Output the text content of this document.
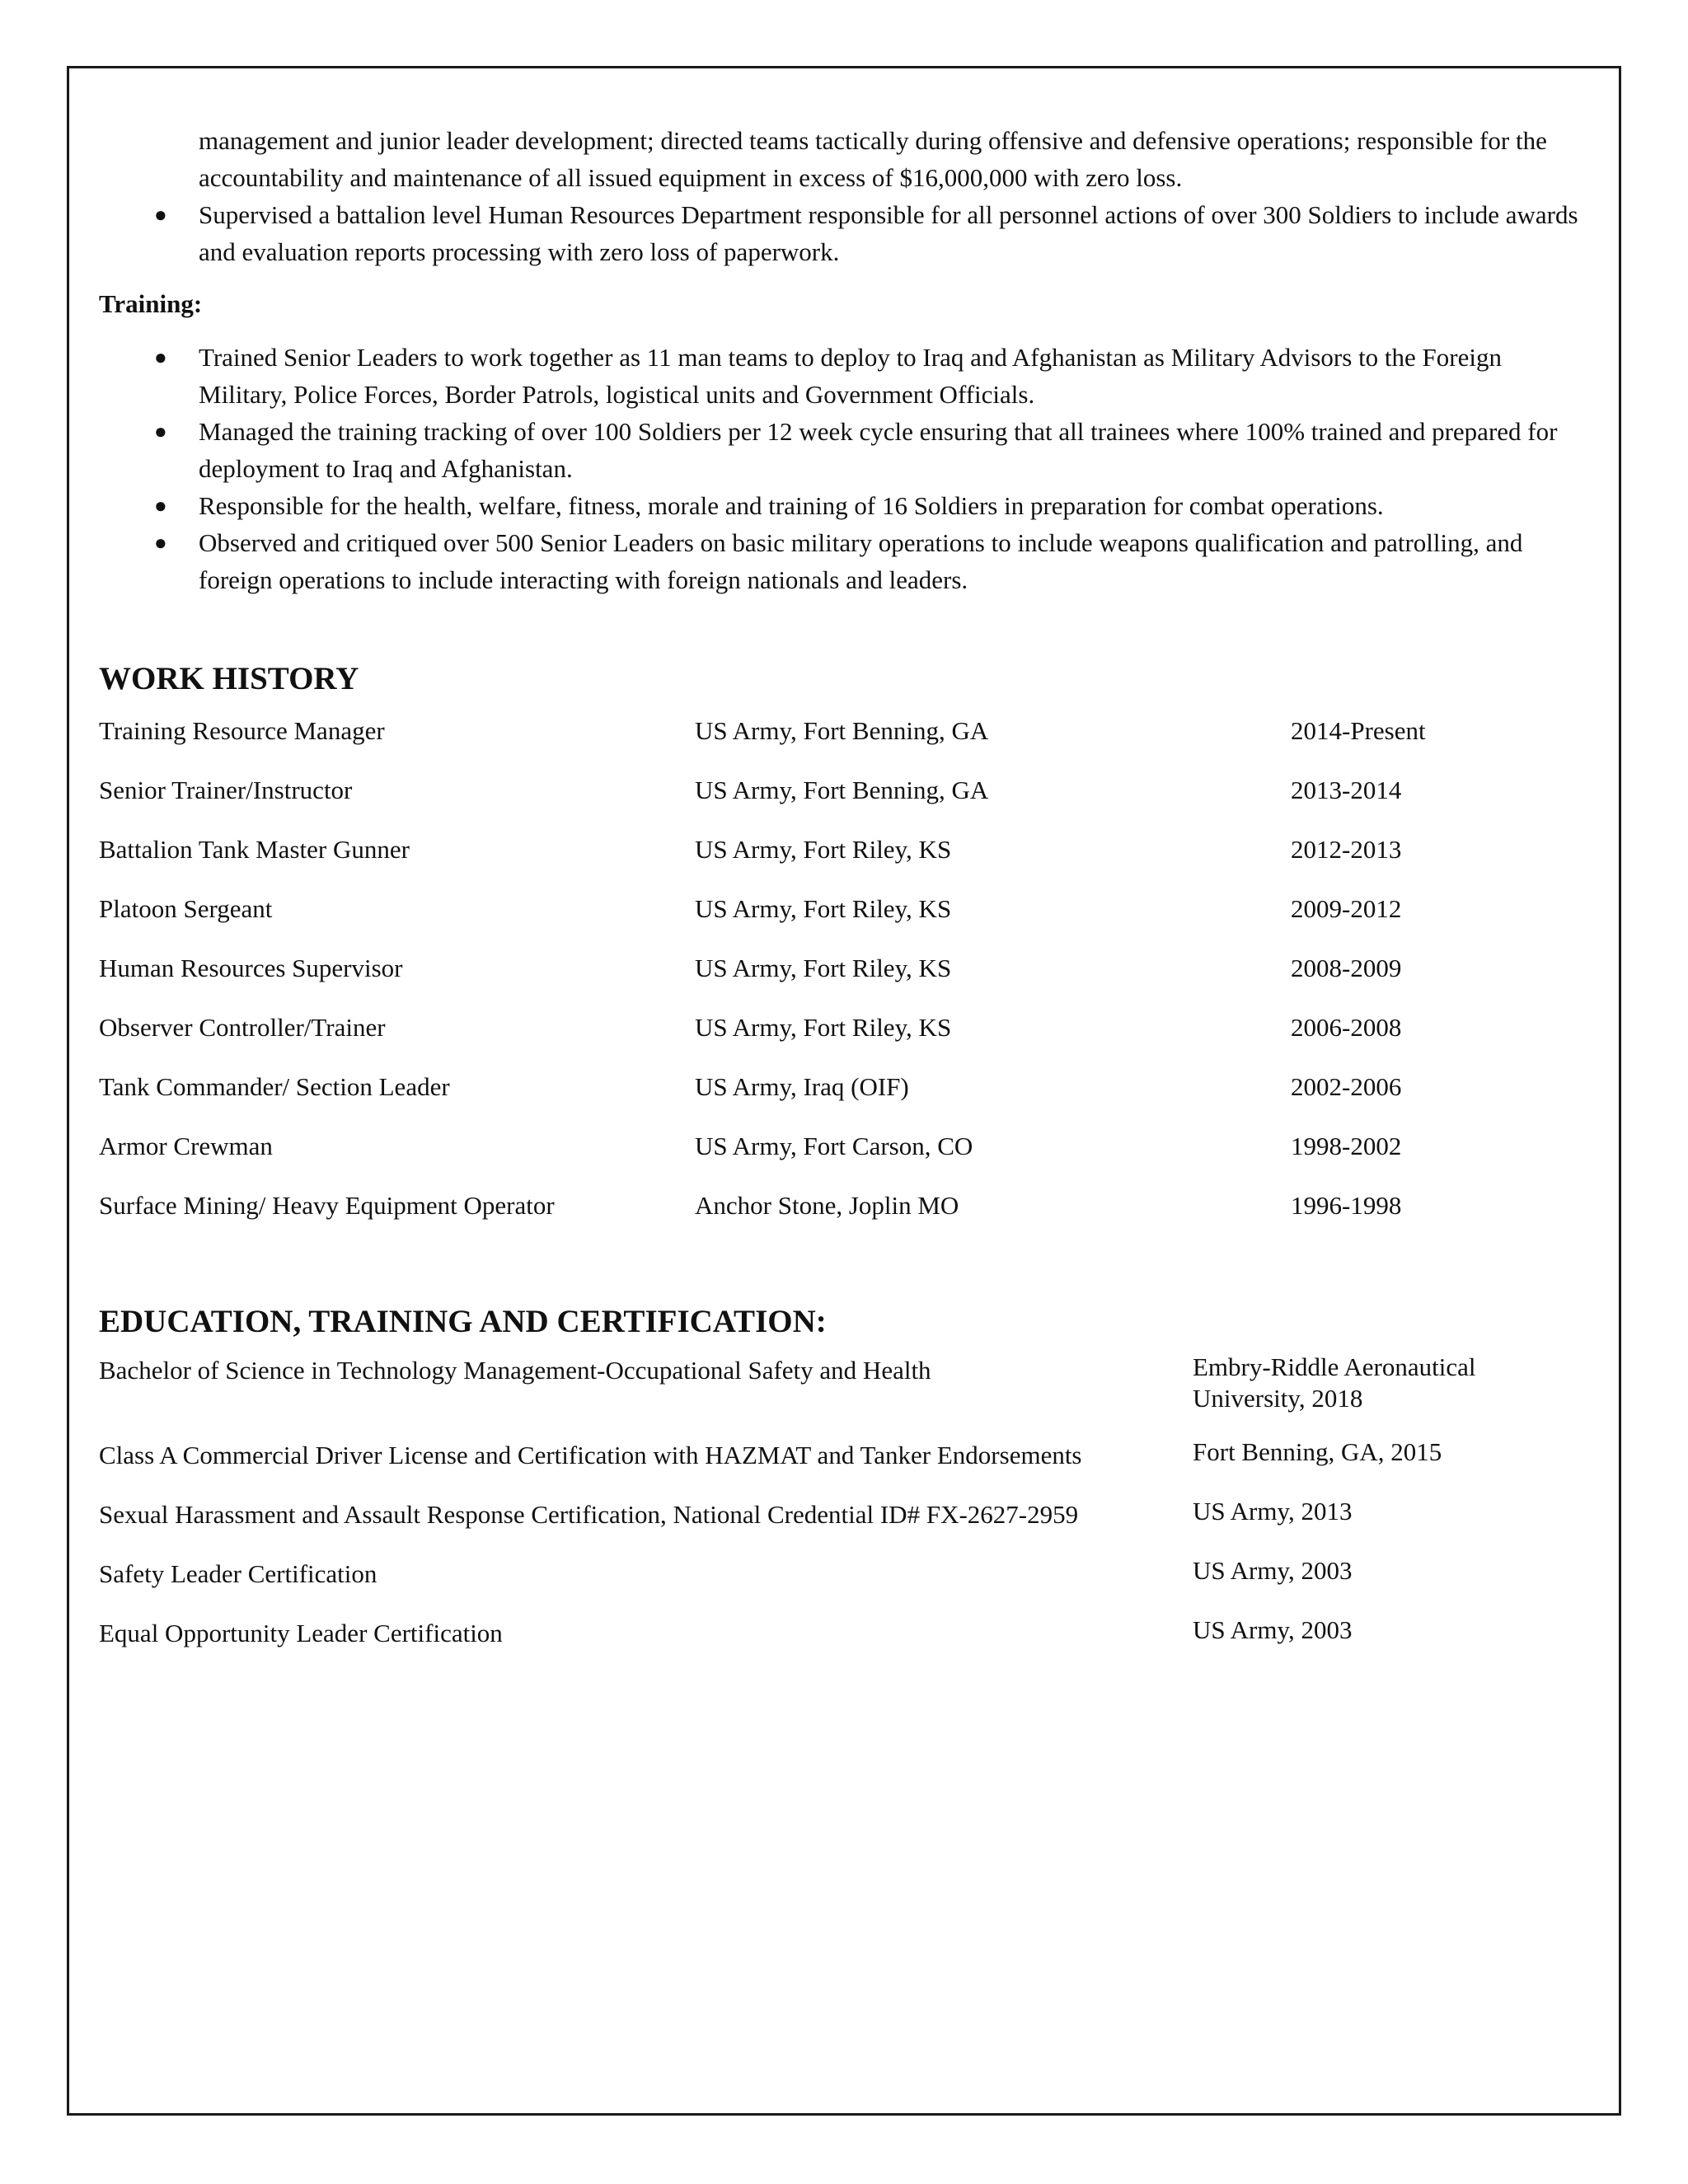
management and junior leader development; directed teams tactically during offensive and defensive operations; responsible for the accountability and maintenance of all issued equipment in excess of $16,000,000 with zero loss.
● Supervised a battalion level Human Resources Department responsible for all personnel actions of over 300 Soldiers to include awards and evaluation reports processing with zero loss of paperwork.
Training:
● Trained Senior Leaders to work together as 11 man teams to deploy to Iraq and Afghanistan as Military Advisors to the Foreign Military, Police Forces, Border Patrols, logistical units and Government Officials.
● Managed the training tracking of over 100 Soldiers per 12 week cycle ensuring that all trainees where 100% trained and prepared for deployment to Iraq and Afghanistan.
● Responsible for the health, welfare, fitness, morale and training of 16 Soldiers in preparation for combat operations.
● Observed and critiqued over 500 Senior Leaders on basic military operations to include weapons qualification and patrolling, and foreign operations to include interacting with foreign nationals and leaders.
WORK HISTORY
Training Resource Manager	US Army, Fort Benning, GA	2014-Present
Senior Trainer/Instructor	US Army, Fort Benning, GA	2013-2014
Battalion Tank Master Gunner	US Army, Fort Riley, KS	2012-2013
Platoon Sergeant	US Army, Fort Riley, KS	2009-2012
Human Resources Supervisor	US Army, Fort Riley, KS	2008-2009
Observer Controller/Trainer	US Army, Fort Riley, KS	2006-2008
Tank Commander/ Section Leader	US Army, Iraq (OIF)	2002-2006
Armor Crewman	US Army, Fort Carson, CO	1998-2002
Surface Mining/ Heavy Equipment Operator	Anchor Stone, Joplin MO	1996-1998
EDUCATION, TRAINING AND CERTIFICATION:
Bachelor of Science in Technology Management-Occupational Safety and Health	Embry-Riddle Aeronautical University, 2018
Class A Commercial Driver License and Certification with HAZMAT and Tanker Endorsements	Fort Benning, GA, 2015
Sexual Harassment and Assault Response Certification, National Credential ID# FX-2627-2959	US Army, 2013
Safety Leader Certification	US Army, 2003
Equal Opportunity Leader Certification	US Army, 2003
